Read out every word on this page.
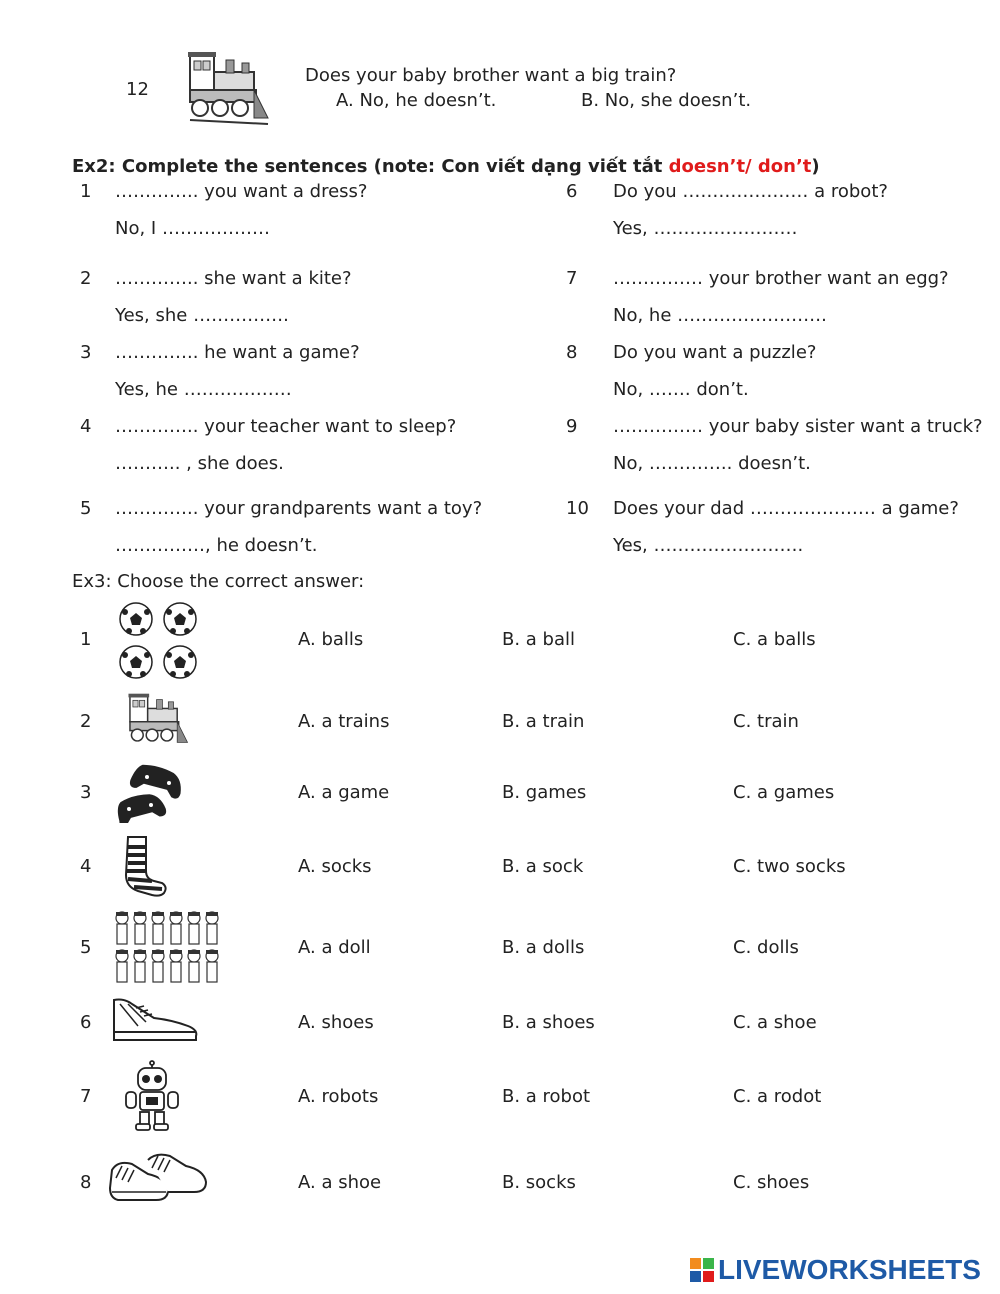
12
Does your baby brother want a big train?
A. No, he doesn’t.	B. No, she doesn’t.
Ex2: Complete the sentences (note: Con viết dạng viết tắt doesn’t/ don’t)
1 ………….. you want a dress?
No, I ………………
2 ………….. she want a kite?
Yes, she …………….
3 ………….. he want a game?
Yes, he ………………
4 ………….. your teacher want to sleep?
……….. , she does.
5 ………….. your grandparents want a toy?
……………, he doesn’t.
6 Do you ………………… a robot?
Yes, ……………………
7 …………… your brother want an egg?
No, he …………………….
8 Do you want a puzzle?
No, ……. don’t.
9 …………… your baby sister want a truck?
No, ………….. doesn’t.
10 Does your dad ………………… a game?
Yes, …………………….
Ex3: Choose the correct answer:
1	A. balls	B. a ball	C. a balls
2	A. a trains	B. a train	C. train
3	A. a game	B. games	C. a games
4	A. socks	B. a sock	C. two socks
5	A. a doll	B. a dolls	C. dolls
6	A. shoes	B. a shoes	C. a shoe
7	A. robots	B. a robot	C. a rodot
8	A. a shoe	B. socks	C. shoes
LIVEWORKSHEETS
